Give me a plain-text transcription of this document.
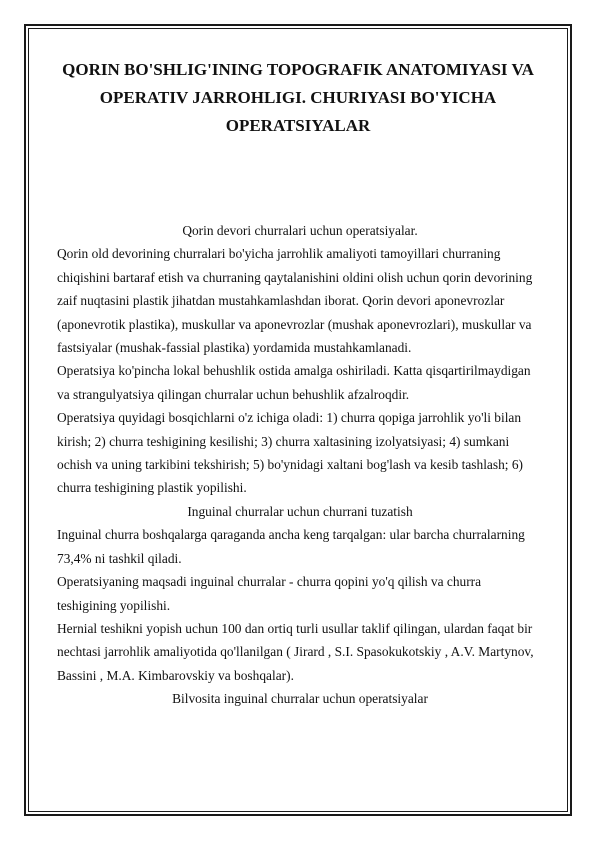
QORIN BO'SHLIG'INING TOPOGRAFIK ANATOMIYASI VA OPERATIV JARROHLIGI. CHURIYASI BO'YICHA OPERATSIYALAR

Qorin devori churralari uchun operatsiyalar.

Qorin old devorining churralari bo'yicha jarrohlik amaliyoti tamoyillari churraning chiqishini bartaraf etish va churraning qaytalanishini oldini olish uchun qorin devorining zaif nuqtasini plastik jihatdan mustahkamlashdan iborat. Qorin devori aponevrozlar (aponevrotik plastika), muskullar va aponevrozlar (mushak aponevrozlari), muskullar va fastsiyalar (mushak-fassial plastika) yordamida mustahkamlanadi.

Operatsiya ko'pincha lokal behushlik ostida amalga oshiriladi. Katta qisqartirilmaydigan va strangulyatsiya qilingan churralar uchun behushlik afzalroqdir.

Operatsiya quyidagi bosqichlarni o'z ichiga oladi: 1) churra qopiga jarrohlik yo'li bilan kirish; 2) churra teshigining kesilishi; 3) churra xaltasining izolyatsiyasi; 4) sumkani ochish va uning tarkibini tekshirish; 5) bo'ynidagi xaltani bog'lash va kesib tashlash; 6) churra teshigining plastik yopilishi.

Inguinal churralar uchun churrani tuzatish

Inguinal churra boshqalarga qaraganda ancha keng tarqalgan: ular barcha churralarning 73,4% ni tashkil qiladi.

Operatsiyaning maqsadi inguinal churralar - churra qopini yo'q qilish va churra teshigining yopilishi.

Hernial teshikni yopish uchun 100 dan ortiq turli usullar taklif qilingan, ulardan faqat bir nechtasi jarrohlik amaliyotida qo'llanilgan ( Jirard , S.I. Spasokukotskiy , A.V. Martynov, Bassini , M.A. Kimbarovskiy va boshqalar).

Bilvosita inguinal churralar uchun operatsiyalar
